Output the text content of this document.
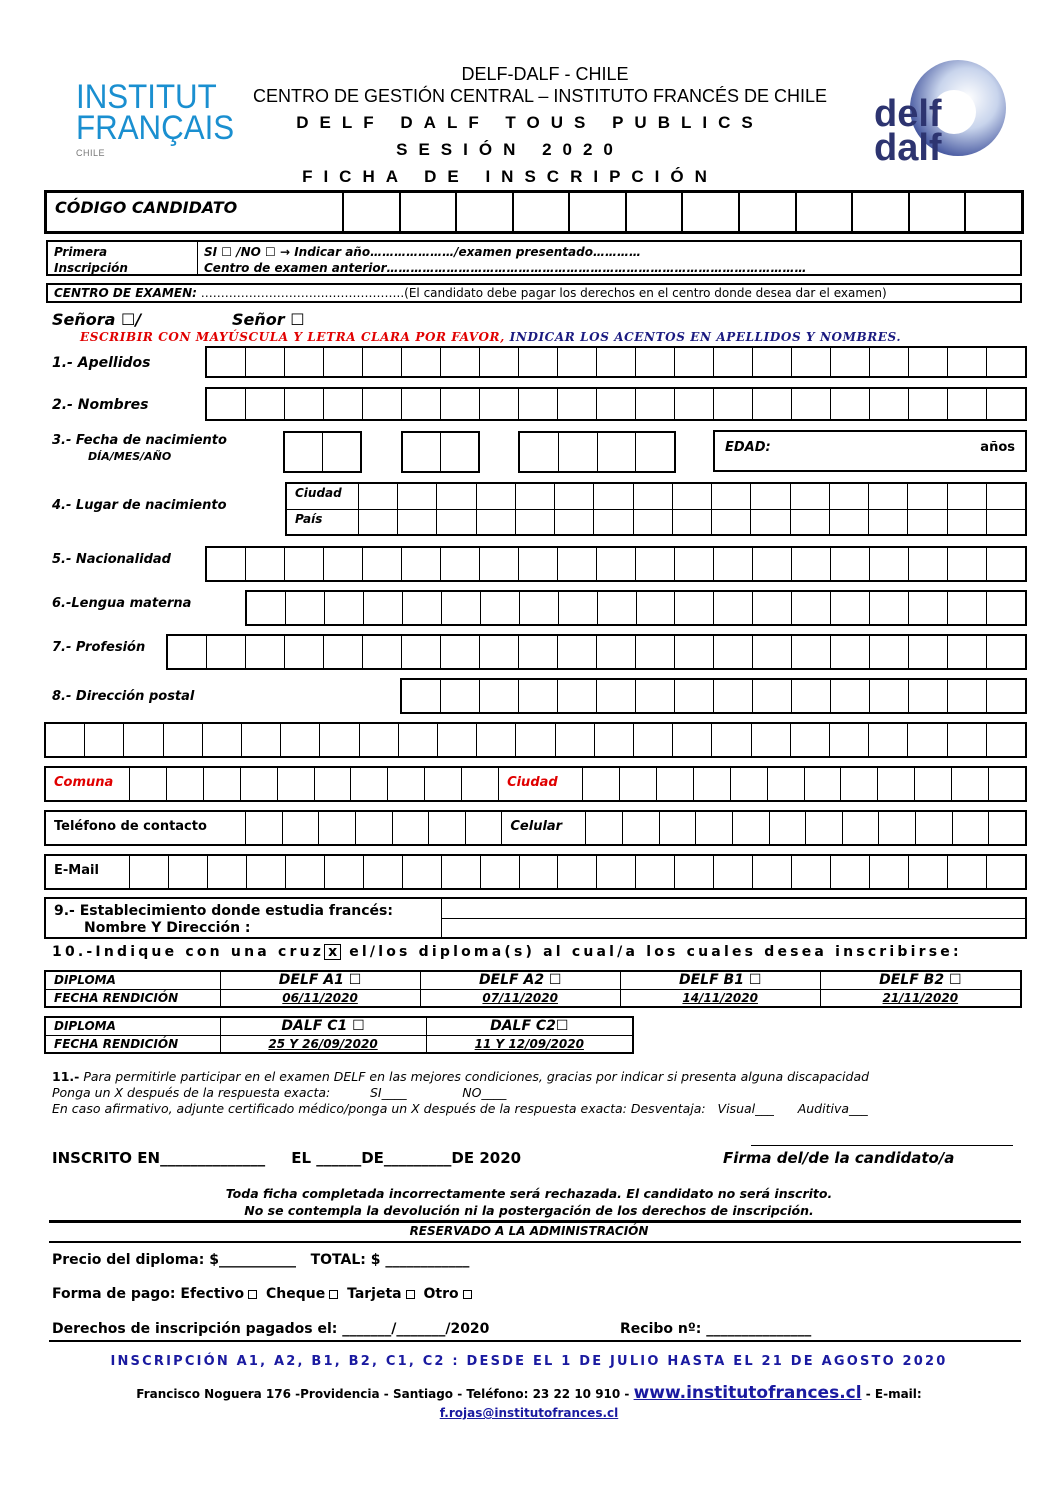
INSTITUT
FRANÇAIS
CHILE
DELF-DALF - CHILE
CENTRO DE GESTIÓN CENTRAL – INSTITUTO FRANCÉS DE CHILE
DELF DALF TOUS PUBLICS
SESIÓN 2020
FICHA DE INSCRIPCIÓN
delf
dalf
CÓDIGO CANDIDATO
Primera
Inscripción
SI ☐ /NO ☐ → Indicar año…………………/examen presentado…………
Centro de examen anterior……………………………………………………………………………………………
CENTRO DE EXAMEN: ………………………….………………..(El candidato debe pagar los derechos en el centro donde desea dar el examen)
Señora ☐/	Señor ☐
ESCRIBIR CON MAYÚSCULA Y LETRA CLARA POR FAVOR, INDICAR LOS ACENTOS EN APELLIDOS Y NOMBRES.
1.- Apellidos
2.- Nombres
3.- Fecha de nacimiento
DÍA/MES/AÑO
EDAD:	años
4.- Lugar de nacimiento
Ciudad
País
5.- Nacionalidad
6.-Lengua materna
7.- Profesión
8.- Dirección postal
Comuna	Ciudad
Teléfono de contacto	Celular
E-Mail
9.- Establecimiento donde estudia francés:
Nombre Y Dirección :
10.-Indique con una cruz x el/los diploma(s) al cual/a los cuales desea inscribirse:
DIPLOMA	DELF A1 ☐	DELF A2 ☐	DELF B1 ☐	DELF B2 ☐
FECHA RENDICIÓN	06/11/2020	07/11/2020	14/11/2020	21/11/2020
DIPLOMA	DALF C1 ☐	DALF C2☐
FECHA RENDICIÓN	25 Y 26/09/2020	11 Y 12/09/2020
11.- Para permitirle participar en el examen DELF en las mejores condiciones, gracias por indicar si presenta alguna discapacidad
Ponga un X después de la respuesta exacta:          SI____              NO____
En caso afirmativo, adjunte certificado médico/ponga un X después de la respuesta exacta: Desventaja:   Visual___      Auditiva___
INSCRITO EN______________     EL ______DE_________DE 2020	Firma del/de la candidato/a
Toda ficha completada incorrectamente será rechazada. El candidato no será inscrito.
No se contempla la devolución ni la postergación de los derechos de inscripción.
RESERVADO A LA ADMINISTRACIÓN
Precio del diploma: $___________   TOTAL: $ ____________
Forma de pago: Efectivo Cheque Tarjeta Otro
Derechos de inscripción pagados el: _______/_______/2020	Recibo nº: _______________
INSCRIPCIÓN A1, A2, B1, B2, C1, C2 : DESDE EL 1 DE JULIO HASTA EL 21 DE AGOSTO 2020
Francisco Noguera 176 -Providencia - Santiago - Teléfono: 23 22 10 910 - www.institutofrances.cl - E-mail:
f.rojas@institutofrances.cl
